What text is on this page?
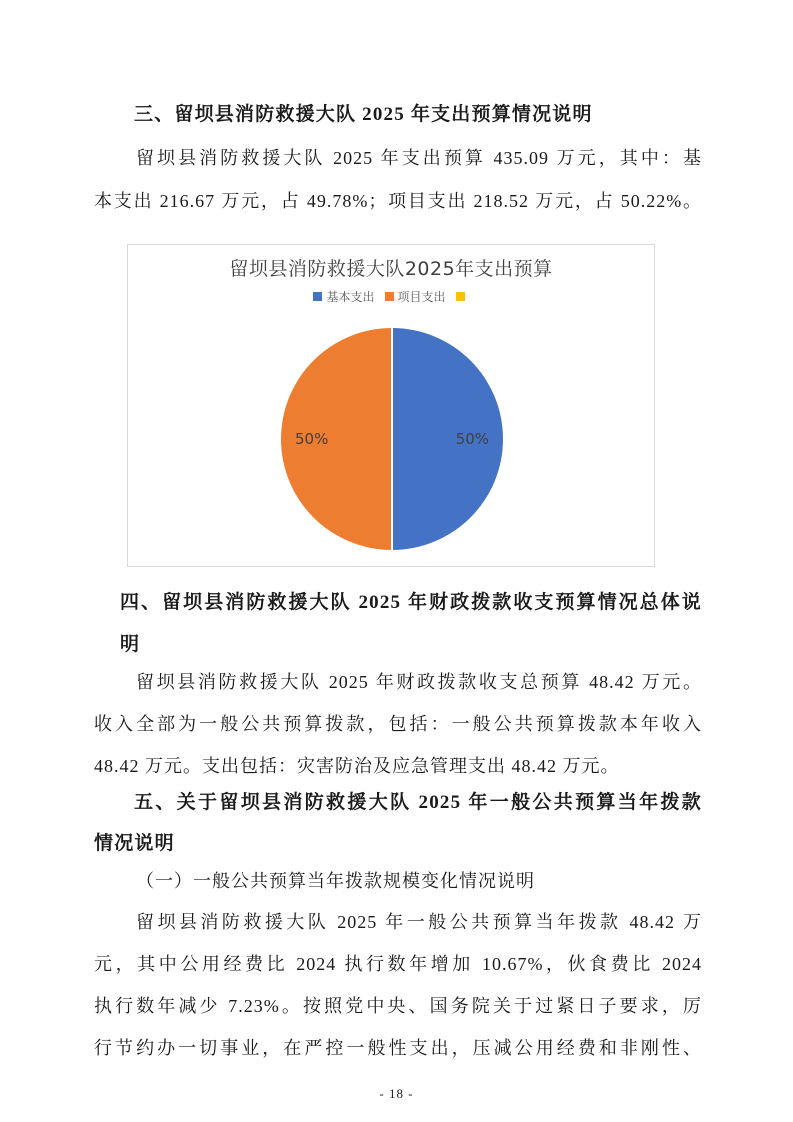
三、留坝县消防救援大队 2025 年支出预算情况说明
留坝县消防救援大队 2025 年支出预算 435.09 万元，其中：基
本支出 216.67 万元，占 49.78%；项目支出 218.52 万元，占 50.22%。
留坝县消防救援大队2025年支出预算
基本支出 项目支出
50%	50%
四、留坝县消防救援大队 2025 年财政拨款收支预算情况总体说
明
留坝县消防救援大队 2025 年财政拨款收支总预算 48.42 万元。
收入全部为一般公共预算拨款，包括：一般公共预算拨款本年收入
48.42 万元。支出包括：灾害防治及应急管理支出 48.42 万元。
五、关于留坝县消防救援大队 2025 年一般公共预算当年拨款
情况说明
（一）一般公共预算当年拨款规模变化情况说明
留坝县消防救援大队 2025 年一般公共预算当年拨款 48.42 万
元，其中公用经费比 2024 执行数年增加 10.67%，伙食费比 2024
执行数年减少 7.23%。按照党中央、国务院关于过紧日子要求，厉
行节约办一切事业，在严控一般性支出，压减公用经费和非刚性、
- 18 -
